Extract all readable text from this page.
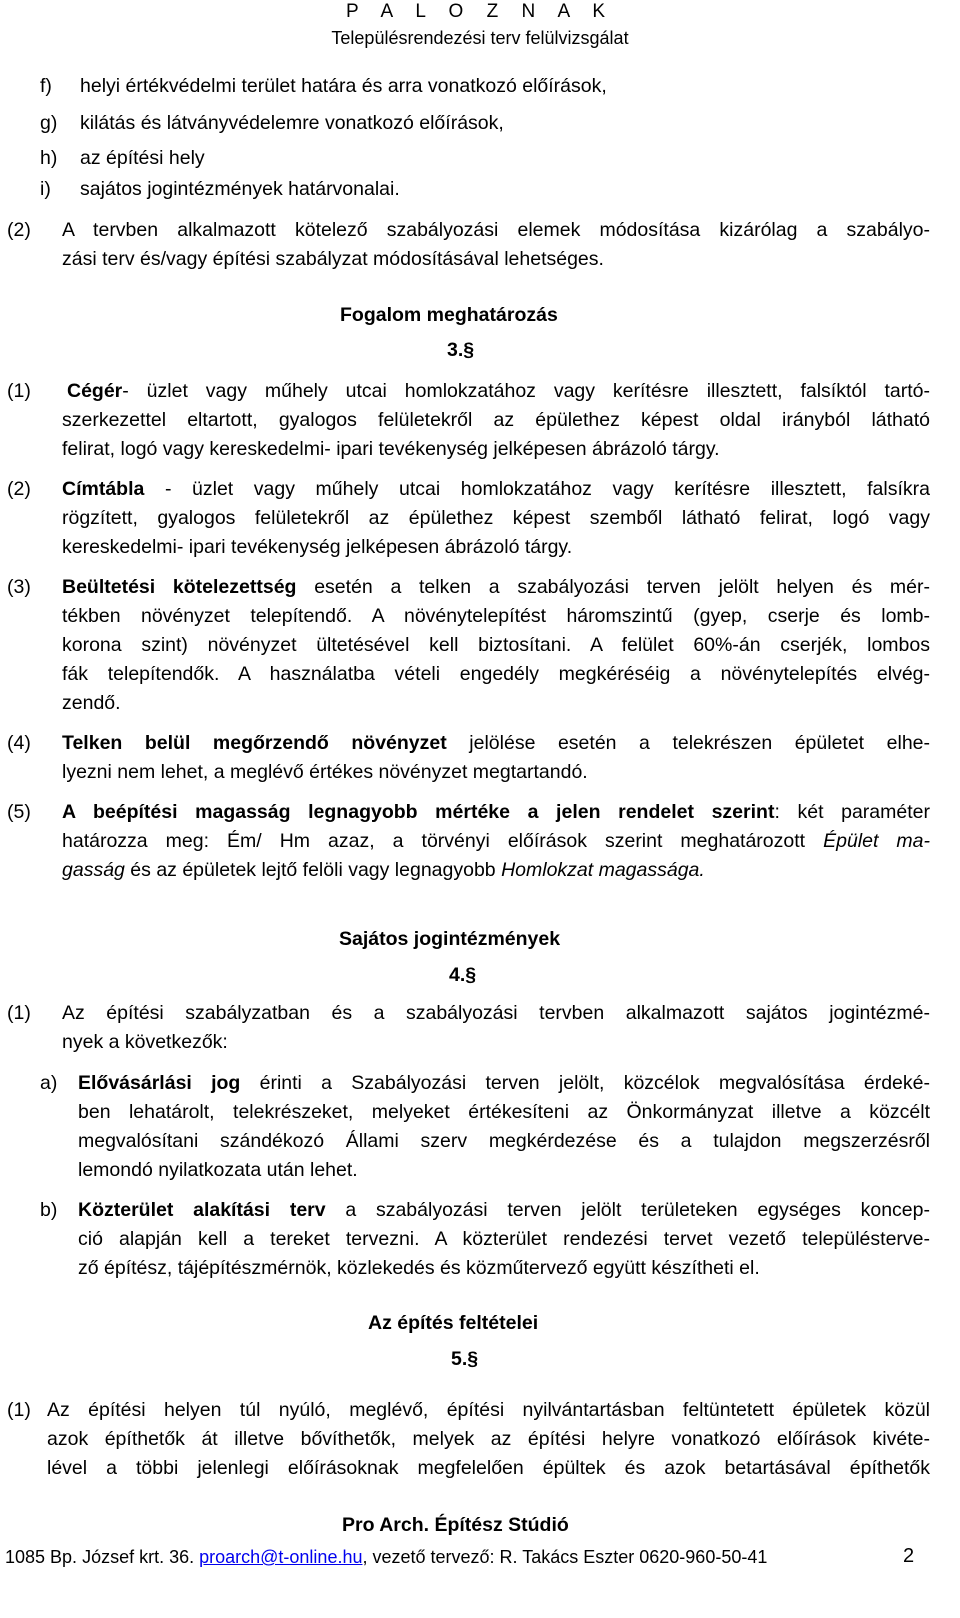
P A L O Z N A K
Településrendezési terv felülvizsgálat
f) helyi értékvédelmi terület határa és arra vonatkozó előírások,
g) kilátás és látványvédelemre vonatkozó előírások,
h) az építési hely
i) sajátos jogintézmények határvonalai.
(2) A tervben alkalmazott kötelező szabályozási elemek módosítása kizárólag a szabályo-
zási terv és/vagy építési szabályzat módosításával lehetséges.
Fogalom meghatározás
3.§
(1) Cégér- üzlet vagy műhely utcai homlokzatához vagy kerítésre illesztett, falsíktól tartó-
szerkezettel eltartott, gyalogos felületekről az épülethez képest oldal irányból látható
felirat, logó vagy kereskedelmi- ipari tevékenység jelképesen ábrázoló tárgy.
(2) Címtábla - üzlet vagy műhely utcai homlokzatához vagy kerítésre illesztett, falsíkra
rögzített, gyalogos felületekről az épülethez képest szemből látható felirat, logó vagy
kereskedelmi- ipari tevékenység jelképesen ábrázoló tárgy.
(3) Beültetési kötelezettség esetén a telken a szabályozási terven jelölt helyen és mér-
tékben növényzet telepítendő. A növénytelepítést háromszintű (gyep, cserje és lomb-
korona szint) növényzet ültetésével kell biztosítani. A felület 60%-án cserjék, lombos
fák telepítendők. A használatba vételi engedély megkéréséig a növénytelepítés elvég-
zendő.
(4) Telken belül megőrzendő növényzet jelölése esetén a telekrészen épületet elhe-
lyezni nem lehet, a meglévő értékes növényzet megtartandó.
(5) A beépítési magasság legnagyobb mértéke a jelen rendelet szerint: két paraméter
határozza meg: Ém/ Hm azaz, a törvényi előírások szerint meghatározott Épület ma-
gasság és az épületek lejtő felöli vagy legnagyobb Homlokzat magassága.
Sajátos jogintézmények
4.§
(1) Az építési szabályzatban és a szabályozási tervben alkalmazott sajátos jogintézmé-
nyek a következők:
a) Elővásárlási jog érinti a Szabályozási terven jelölt, közcélok megvalósítása érdeké-
ben lehatárolt, telekrészeket, melyeket értékesíteni az Önkormányzat illetve a közcélt
megvalósítani szándékozó Állami szerv megkérdezése és a tulajdon megszerzésről
lemondó nyilatkozata után lehet.
b) Közterület alakítási terv a szabályozási terven jelölt területeken egységes koncep-
ció alapján kell a tereket tervezni. A közterület rendezési tervet vezető településterve-
ző építész, tájépítészmérnök, közlekedés és közműtervező együtt készítheti el.
Az építés feltételei
5.§
(1) Az építési helyen túl nyúló, meglévő, építési nyilvántartásban feltüntetett épületek közül
azok építhetők át illetve bővíthetők, melyek az építési helyre vonatkozó előírások kivéte-
lével a többi jelenlegi előírásoknak megfelelően épültek és azok betartásával építhetők
Pro Arch. Építész Stúdió
1085 Bp. József krt. 36. proarch@t-online.hu, vezető tervező: R. Takács Eszter 0620-960-50-41	2
